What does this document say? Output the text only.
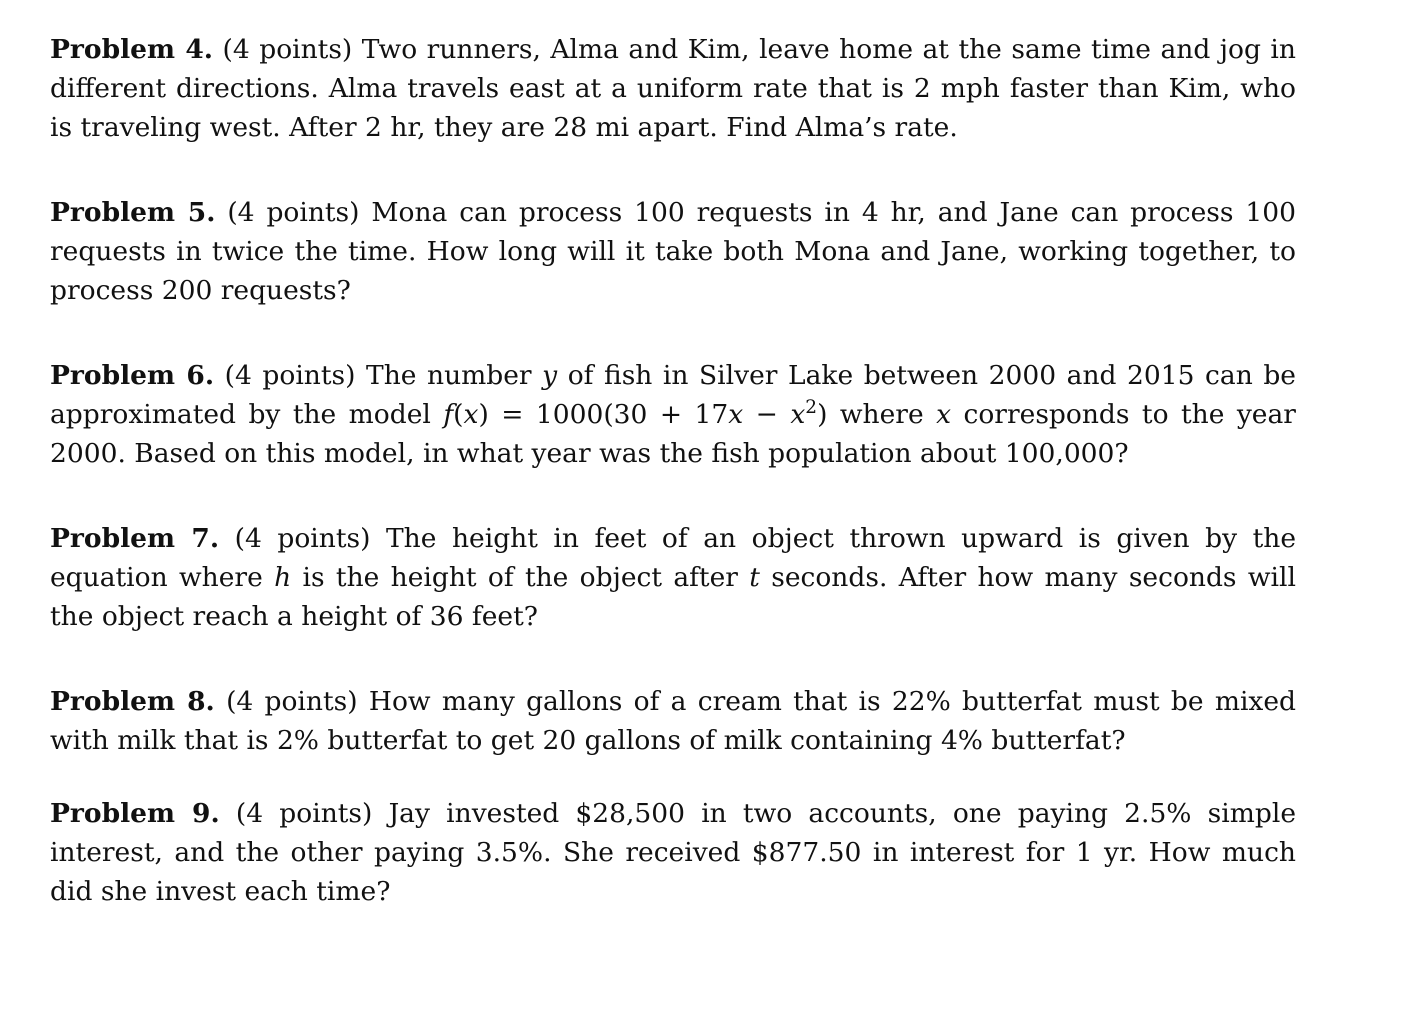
Problem 4. (4 points) Two runners, Alma and Kim, leave home at the same time and jog in different directions. Alma travels east at a uniform rate that is 2 mph faster than Kim, who is traveling west. After 2 hr, they are 28 mi apart. Find Alma’s rate.

Problem 5. (4 points) Mona can process 100 requests in 4 hr, and Jane can process 100 requests in twice the time. How long will it take both Mona and Jane, working together, to process 200 requests?

Problem 6. (4 points) The number y of fish in Silver Lake between 2000 and 2015 can be approximated by the model $f(x) = 1000(30 + 17x - x^2)$ where x corresponds to the year 2000. Based on this model, in what year was the fish population about 100,000?

Problem 7. (4 points) The height in feet of an object thrown upward is given by the equation where h is the height of the object after t seconds. After how many seconds will the object reach a height of 36 feet?

Problem 8. (4 points) How many gallons of a cream that is 22% butterfat must be mixed with milk that is 2% butterfat to get 20 gallons of milk containing 4% butterfat?

Problem 9. (4 points) Jay invested $28,500 in two accounts, one paying 2.5% simple interest, and the other paying 3.5%. She received $877.50 in interest for 1 yr. How much did she invest each time?
